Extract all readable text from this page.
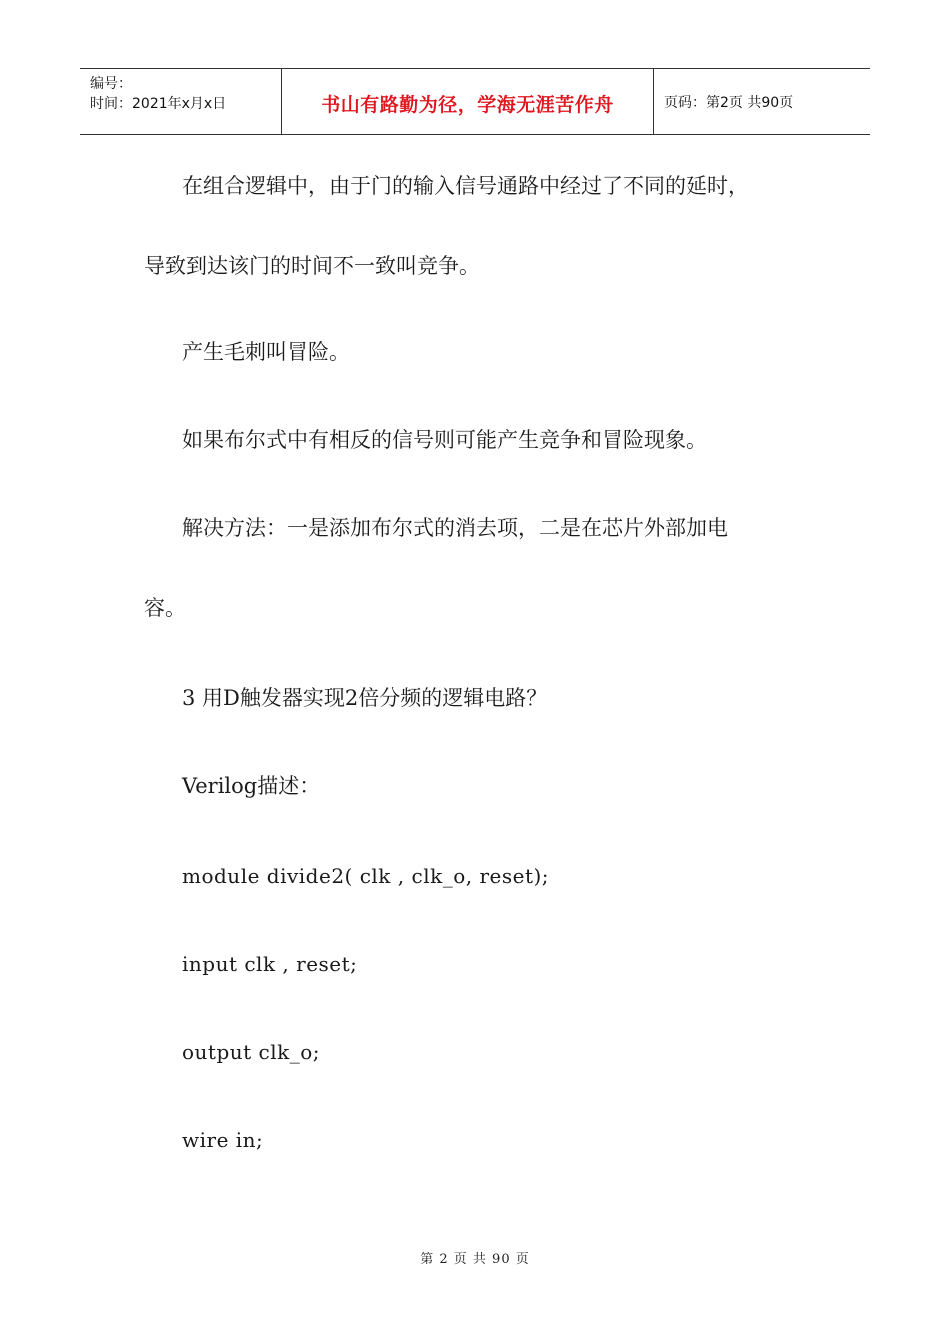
编号：
时间：2021年x月x日	书山有路勤为径，学海无涯苦作舟	页码：第2页 共90页
在组合逻辑中，由于门的输入信号通路中经过了不同的延时，
导致到达该门的时间不一致叫竞争。
产生毛刺叫冒险。
如果布尔式中有相反的信号则可能产生竞争和冒险现象。
解决方法：一是添加布尔式的消去项，二是在芯片外部加电
容。
3 用D触发器实现2倍分频的逻辑电路？
Verilog描述：
module divide2( clk , clk_o, reset);
input clk , reset;
output clk_o;
wire in;
第 2 页 共 90 页
